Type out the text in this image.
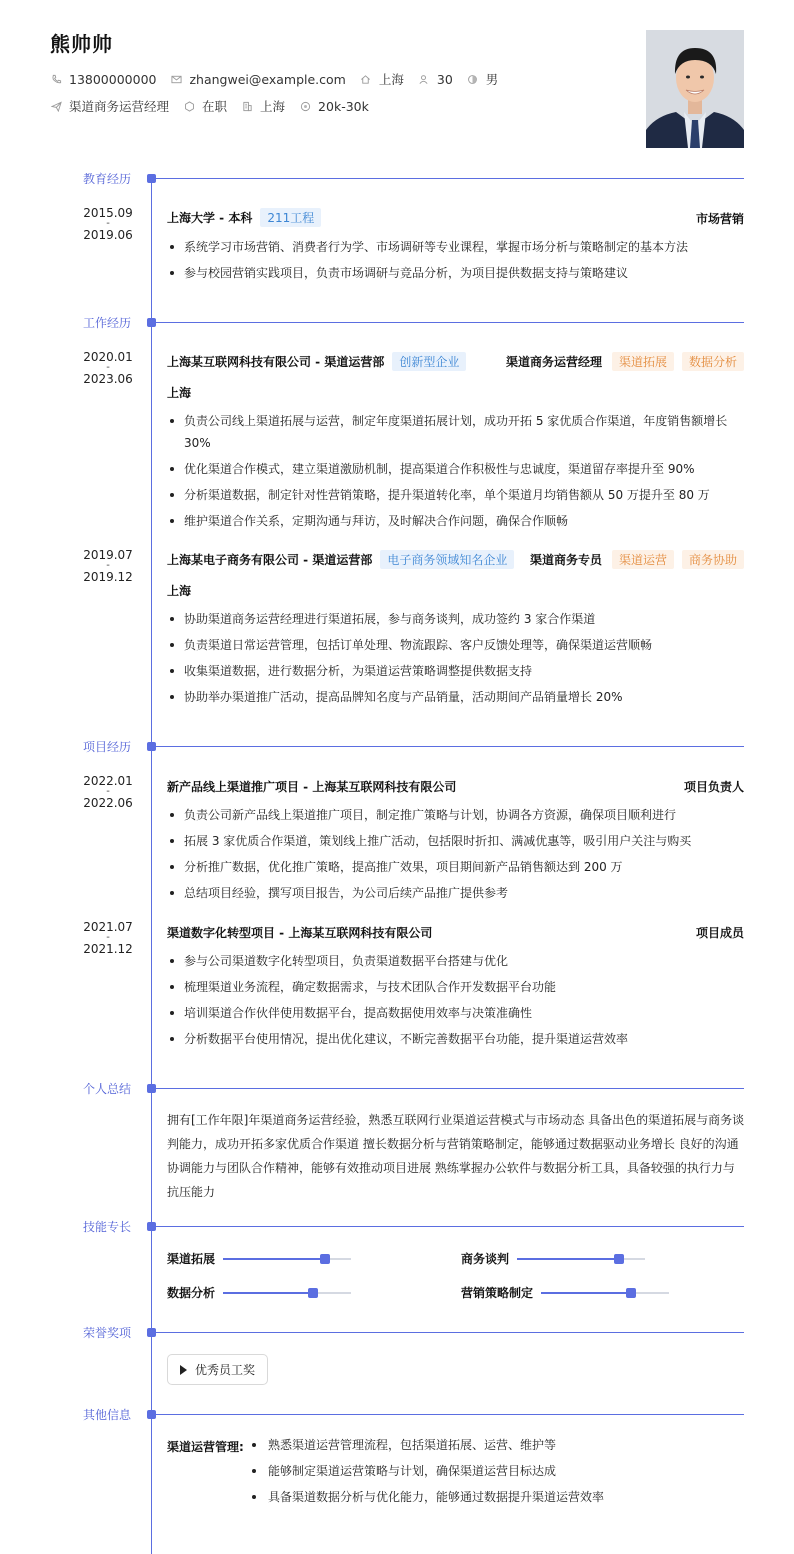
熊帅帅
13800000000	zhangwei@example.com	上海	30	男
渠道商务运营经理	在职	上海	20k-30k
教育经历
2015.09
-
2019.06
上海大学 - 本科	211工程	市场营销
系统学习市场营销、消费者行为学、市场调研等专业课程，掌握市场分析与策略制定的基本方法
参与校园营销实践项目，负责市场调研与竞品分析，为项目提供数据支持与策略建议
工作经历
2020.01
-
2023.06
上海某互联网科技有限公司 - 渠道运营部	创新型企业	渠道商务运营经理	渠道拓展	数据分析
上海
负责公司线上渠道拓展与运营，制定年度渠道拓展计划，成功开拓 5 家优质合作渠道，年度销售额增长 30%
优化渠道合作模式，建立渠道激励机制，提高渠道合作积极性与忠诚度，渠道留存率提升至 90%
分析渠道数据，制定针对性营销策略，提升渠道转化率，单个渠道月均销售额从 50 万提升至 80 万
维护渠道合作关系，定期沟通与拜访，及时解决合作问题，确保合作顺畅
2019.07
-
2019.12
上海某电子商务有限公司 - 渠道运营部	电子商务领域知名企业	渠道商务专员	渠道运营	商务协助
上海
协助渠道商务运营经理进行渠道拓展，参与商务谈判，成功签约 3 家合作渠道
负责渠道日常运营管理，包括订单处理、物流跟踪、客户反馈处理等，确保渠道运营顺畅
收集渠道数据，进行数据分析，为渠道运营策略调整提供数据支持
协助举办渠道推广活动，提高品牌知名度与产品销量，活动期间产品销量增长 20%
项目经历
2022.01
-
2022.06
新产品线上渠道推广项目 - 上海某互联网科技有限公司	项目负责人
负责公司新产品线上渠道推广项目，制定推广策略与计划，协调各方资源，确保项目顺利进行
拓展 3 家优质合作渠道，策划线上推广活动，包括限时折扣、满减优惠等，吸引用户关注与购买
分析推广数据，优化推广策略，提高推广效果，项目期间新产品销售额达到 200 万
总结项目经验，撰写项目报告，为公司后续产品推广提供参考
2021.07
-
2021.12
渠道数字化转型项目 - 上海某互联网科技有限公司	项目成员
参与公司渠道数字化转型项目，负责渠道数据平台搭建与优化
梳理渠道业务流程，确定数据需求，与技术团队合作开发数据平台功能
培训渠道合作伙伴使用数据平台，提高数据使用效率与决策准确性
分析数据平台使用情况，提出优化建议，不断完善数据平台功能，提升渠道运营效率
个人总结
拥有[工作年限]年渠道商务运营经验，熟悉互联网行业渠道运营模式与市场动态 具备出色的渠道拓展与商务谈判能力，成功开拓多家优质合作渠道 擅长数据分析与营销策略制定，能够通过数据驱动业务增长 良好的沟通协调能力与团队合作精神，能够有效推动项目进展 熟练掌握办公软件与数据分析工具，具备较强的执行力与抗压能力
技能专长
渠道拓展	商务谈判
数据分析	营销策略制定
荣誉奖项
优秀员工奖
其他信息
渠道运营管理:	熟悉渠道运营管理流程，包括渠道拓展、运营、维护等
能够制定渠道运营策略与计划，确保渠道运营目标达成
具备渠道数据分析与优化能力，能够通过数据提升渠道运营效率
